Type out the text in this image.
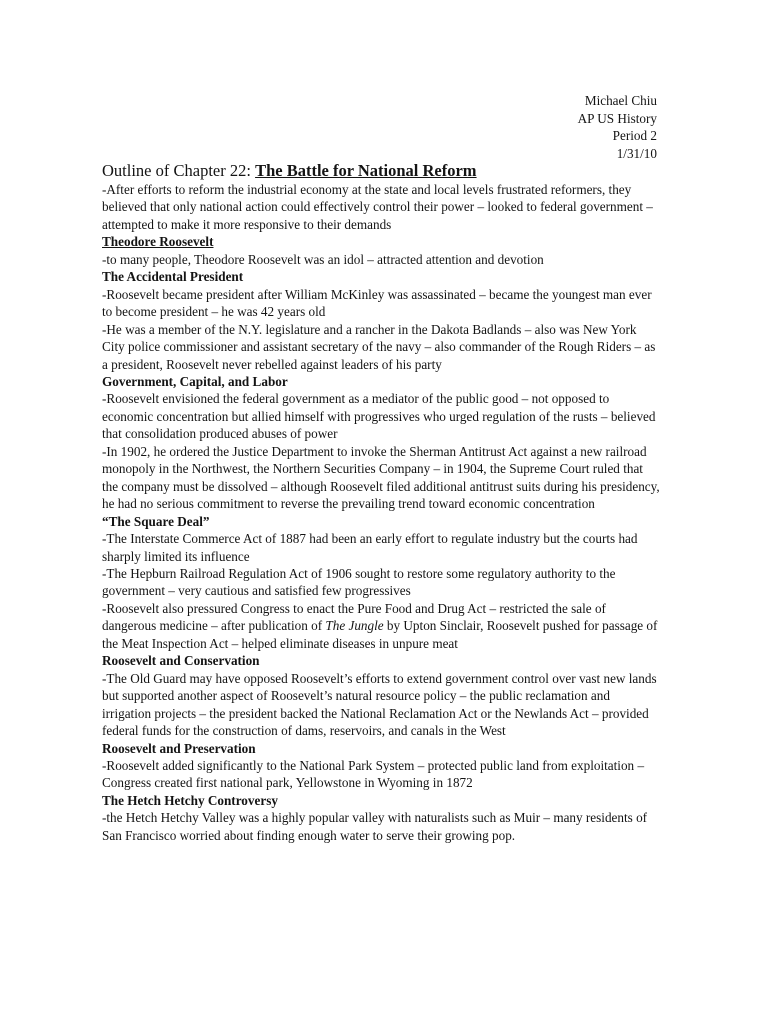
Michael Chiu
AP US History
Period 2
1/31/10
Outline of Chapter 22: The Battle for National Reform

-After efforts to reform the industrial economy at the state and local levels frustrated reformers, they believed that only national action could effectively control their power – looked to federal government – attempted to make it more responsive to their demands

Theodore Roosevelt

-to many people, Theodore Roosevelt was an idol – attracted attention and devotion

The Accidental President

-Roosevelt became president after William McKinley was assassinated – became the youngest man ever to become president – he was 42 years old

-He was a member of the N.Y. legislature and a rancher in the Dakota Badlands – also was New York City police commissioner and assistant secretary of the navy – also commander of the Rough Riders – as a president, Roosevelt never rebelled against leaders of his party

Government, Capital, and Labor

-Roosevelt envisioned the federal government as a mediator of the public good – not opposed to economic concentration but allied himself with progressives who urged regulation of the rusts – believed that consolidation produced abuses of power

-In 1902, he ordered the Justice Department to invoke the Sherman Antitrust Act against a new railroad monopoly in the Northwest, the Northern Securities Company – in 1904, the Supreme Court ruled that the company must be dissolved – although Roosevelt filed additional antitrust suits during his presidency, he had no serious commitment to reverse the prevailing trend toward economic concentration

“The Square Deal”

-The Interstate Commerce Act of 1887 had been an early effort to regulate industry but the courts had sharply limited its influence

-The Hepburn Railroad Regulation Act of 1906 sought to restore some regulatory authority to the government – very cautious and satisfied few progressives

-Roosevelt also pressured Congress to enact the Pure Food and Drug Act – restricted the sale of dangerous medicine – after publication of The Jungle by Upton Sinclair, Roosevelt pushed for passage of the Meat Inspection Act – helped eliminate diseases in unpure meat

Roosevelt and Conservation

-The Old Guard may have opposed Roosevelt’s efforts to extend government control over vast new lands but supported another aspect of Roosevelt’s natural resource policy – the public reclamation and irrigation projects – the president backed the National Reclamation Act or the Newlands Act – provided federal funds for the construction of dams, reservoirs, and canals in the West

Roosevelt and Preservation

-Roosevelt added significantly to the National Park System – protected public land from exploitation – Congress created first national park, Yellowstone in Wyoming in 1872

The Hetch Hetchy Controversy

-the Hetch Hetchy Valley was a highly popular valley with naturalists such as Muir – many residents of San Francisco worried about finding enough water to serve their growing pop.
